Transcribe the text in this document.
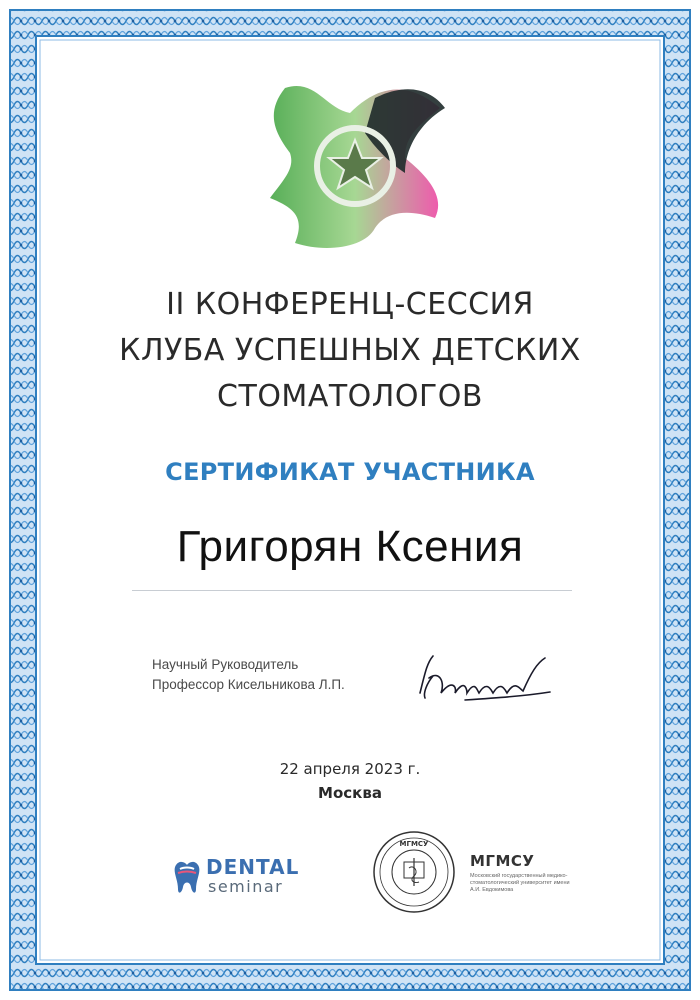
II КОНФЕРЕНЦ-СЕССИЯ
КЛУБА УСПЕШНЫХ ДЕТСКИХ
СТОМАТОЛОГОВ
СЕРТИФИКАТ УЧАСТНИКА
Григорян Ксения
Научный Руководитель
Профессор Кисельникова Л.П.
22 апреля 2023 г.
Москва
DENTAL
seminar
МГМСУ
МГМСУ
Московский государственный медико-стоматологический университет имени А.И. Евдокимова
